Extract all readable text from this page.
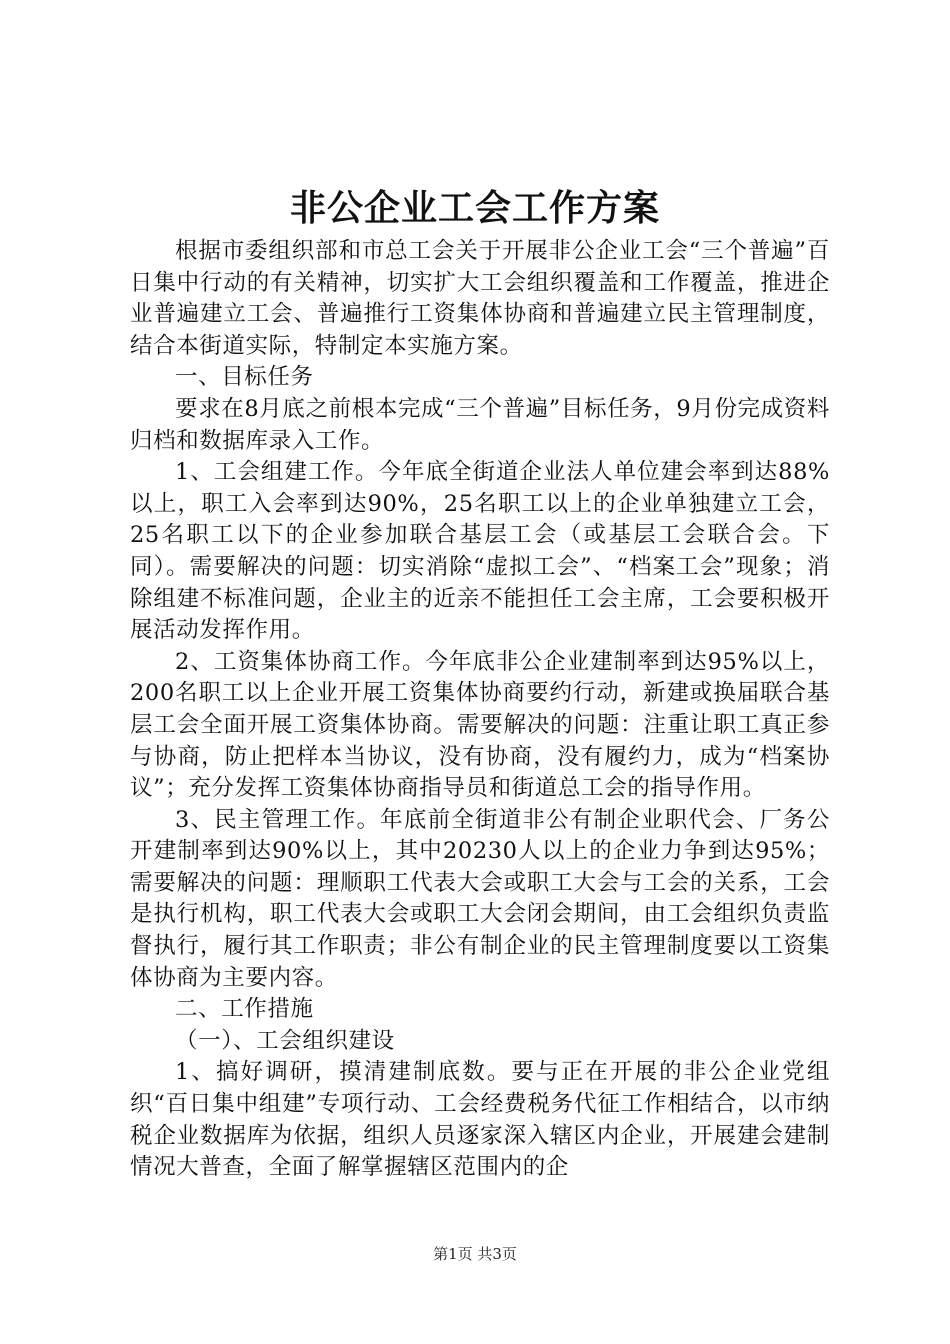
非公企业工会工作方案

根据市委组织部和市总工会关于开展非公企业工会“三个普遍”百日集中行动的有关精神，切实扩大工会组织覆盖和工作覆盖，推进企业普遍建立工会、普遍推行工资集体协商和普遍建立民主管理制度，结合本街道实际，特制定本实施方案。

一、目标任务

要求在8月底之前根本完成“三个普遍”目标任务，9月份完成资料归档和数据库录入工作。

1、工会组建工作。今年底全街道企业法人单位建会率到达88%以上，职工入会率到达90%，25名职工以上的企业单独建立工会，25名职工以下的企业参加联合基层工会（或基层工会联合会。下同）。需要解决的问题：切实消除“虚拟工会”、“档案工会”现象；消除组建不标准问题，企业主的近亲不能担任工会主席，工会要积极开展活动发挥作用。

2、工资集体协商工作。今年底非公企业建制率到达95%以上，200名职工以上企业开展工资集体协商要约行动，新建或换届联合基层工会全面开展工资集体协商。需要解决的问题：注重让职工真正参与协商，防止把样本当协议，没有协商，没有履约力，成为“档案协议”；充分发挥工资集体协商指导员和街道总工会的指导作用。

3、民主管理工作。年底前全街道非公有制企业职代会、厂务公开建制率到达90%以上，其中20230人以上的企业力争到达95%；需要解决的问题：理顺职工代表大会或职工大会与工会的关系，工会是执行机构，职工代表大会或职工大会闭会期间，由工会组织负责监督执行，履行其工作职责；非公有制企业的民主管理制度要以工资集体协商为主要内容。

二、工作措施

（一）、工会组织建设

1、搞好调研，摸清建制底数。要与正在开展的非公企业党组织“百日集中组建”专项行动、工会经费税务代征工作相结合，以市纳税企业数据库为依据，组织人员逐家深入辖区内企业，开展建会建制情况大普查，全面了解掌握辖区范围内的企

第1页 共3页
